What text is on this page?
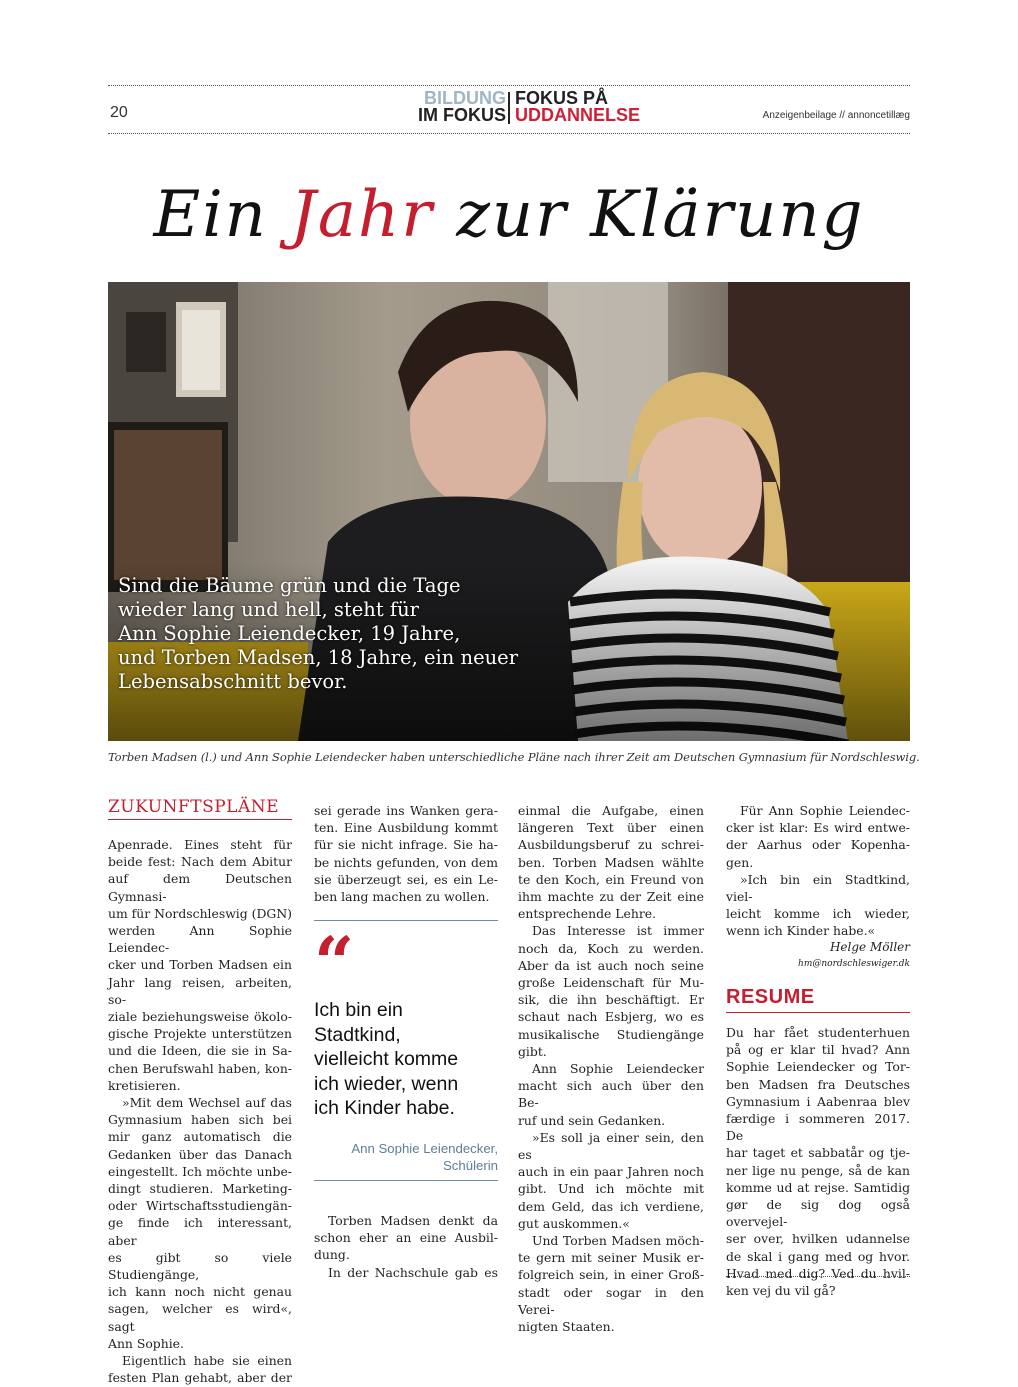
20
BILDUNG
IM FOKUS
FOKUS PÅ
UDDANNELSE	Anzeigenbeilage // annoncetillæg
Ein Jahr zur Klärung
Sind die Bäume grün und die Tage
wieder lang und hell, steht für
Ann Sophie Leiendecker, 19 Jahre,
und Torben Madsen, 18 Jahre, ein neuer
Lebensabschnitt bevor.
Torben Madsen (l.) und Ann Sophie Leiendecker haben unterschiedliche Pläne nach ihrer Zeit am Deutschen Gymnasium für Nordschleswig.
ZUKUNFTSPLÄNE

Apenrade. Eines steht für

beide fest: Nach dem Abitur

auf dem Deutschen Gymnasi-

um für Nordschleswig (DGN)

werden Ann Sophie Leiendec-

cker und Torben Madsen ein

Jahr lang reisen, arbeiten, so-

ziale beziehungsweise ökolo-

gische Projekte unterstützen

und die Ideen, die sie in Sa-

chen Berufswahl haben, kon-

kretisieren.

»Mit dem Wechsel auf das

Gymnasium haben sich bei

mir ganz automatisch die

Gedanken über das Danach

eingestellt. Ich möchte unbe-

dingt studieren. Marketing-

oder Wirtschaftsstudiengän-

ge finde ich interessant, aber

es gibt so viele Studiengänge,

ich kann noch nicht genau

sagen, welcher es wird«, sagt

Ann Sophie.

Eigentlich habe sie einen

festen Plan gehabt, aber der

sei gerade ins Wanken gera-

ten. Eine Ausbildung kommt

für sie nicht infrage. Sie ha-

be nichts gefunden, von dem

sie überzeugt sei, es ein Le-

ben lang machen zu wollen.

“
Ich bin ein
Stadtkind,
vielleicht komme
ich wieder, wenn
ich Kinder habe.
Ann Sophie Leiendecker,
Schülerin

Torben Madsen denkt da

schon eher an eine Ausbil-

dung.

In der Nachschule gab es

einmal die Aufgabe, einen

längeren Text über einen

Ausbildungsberuf zu schrei-

ben. Torben Madsen wählte

te den Koch, ein Freund von

ihm machte zu der Zeit eine

entsprechende Lehre.

Das Interesse ist immer

noch da, Koch zu werden.

Aber da ist auch noch seine

große Leidenschaft für Mu-

sik, die ihn beschäftigt. Er

schaut nach Esbjerg, wo es

musikalische Studiengänge

gibt.

Ann Sophie Leiendecker

macht sich auch über den Be-

ruf und sein Gedanken.

»Es soll ja einer sein, den es

auch in ein paar Jahren noch

gibt. Und ich möchte mit

dem Geld, das ich verdiene,

gut auskommen.«

Und Torben Madsen möch-

te gern mit seiner Musik er-

folgreich sein, in einer Groß-

stadt oder sogar in den Verei-

nigten Staaten.

Für Ann Sophie Leiendec-

cker ist klar: Es wird entwe-

der Aarhus oder Kopenha-

gen.

»Ich bin ein Stadtkind, viel-

leicht komme ich wieder,

wenn ich Kinder habe.«

Helge Möller
hm@nordschleswiger.dk
RESUME

Du har fået studenterhuen

på og er klar til hvad? Ann

Sophie Leiendecker og Tor-

ben Madsen fra Deutsches

Gymnasium i Aabenraa blev

færdige i sommeren 2017. De

har taget et sabbatår og tje-

ner lige nu penge, så de kan

komme ud at rejse. Samtidig

gør de sig dog også overvejel-

ser over, hvilken udannelse

de skal i gang med og hvor.

Hvad med dig? Ved du hvil-

ken vej du vil gå?
